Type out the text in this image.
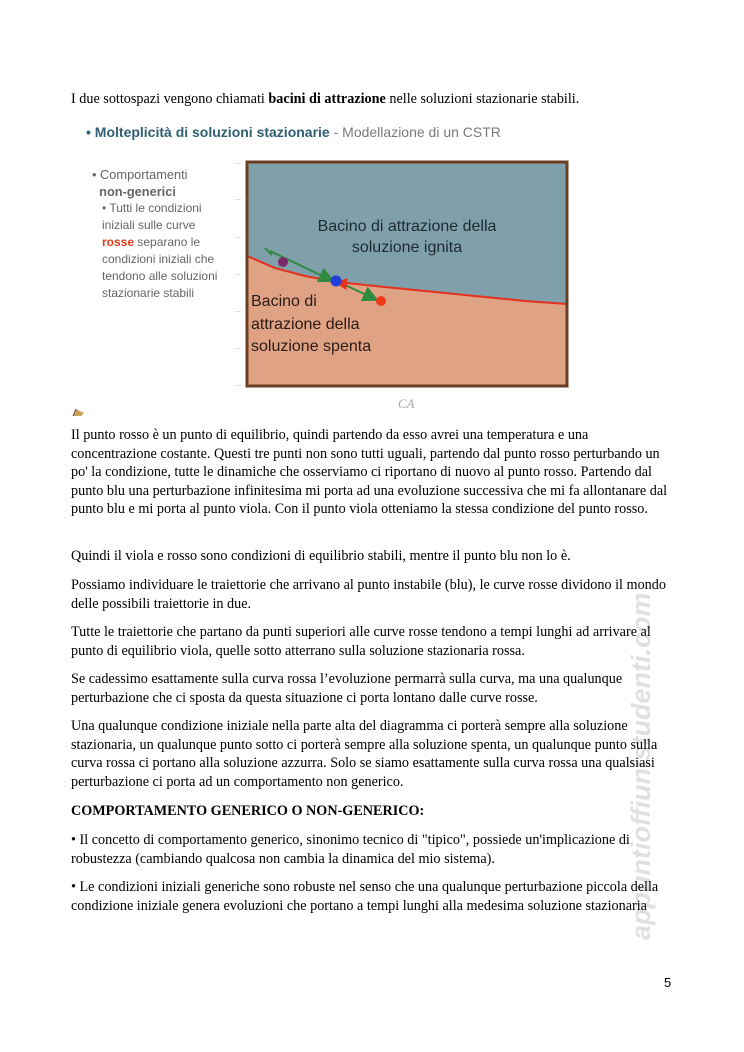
I due sottospazi vengono chiamati bacini di attrazione nelle soluzioni stazionarie stabili.

• Molteplicità di soluzioni stazionarie - Modellazione di un CSTR
• Comportamenti
non-generici
• Tutti le condizioni iniziali sulle curve rosse separano le condizioni iniziali che tendono alle soluzioni stazionarie stabili
—
—
—
—
—
—
—
CA
Bacino di attrazione della
soluzione ignita
Bacino di
attrazione della
soluzione spenta

Il punto rosso è un punto di equilibrio, quindi partendo da esso avrei una temperatura e una concentrazione costante. Questi tre punti non sono tutti uguali, partendo dal punto rosso perturbando un po' la condizione, tutte le dinamiche che osserviamo ci riportano di nuovo al punto rosso. Partendo dal punto blu una perturbazione infinitesima mi porta ad una evoluzione successiva che mi fa allontanare dal punto blu e mi porta al punto viola. Con il punto viola otteniamo la stessa condizione del punto rosso.

Quindi il viola e rosso sono condizioni di equilibrio stabili, mentre il punto blu non lo è.

Possiamo individuare le traiettorie che arrivano al punto instabile (blu), le curve rosse dividono il mondo delle possibili traiettorie in due.

Tutte le traiettorie che partano da punti superiori alle curve rosse tendono a tempi lunghi ad arrivare al punto di equilibrio viola, quelle sotto atterrano sulla soluzione stazionaria rossa.

Se cadessimo esattamente sulla curva rossa l’evoluzione permarrà sulla curva, ma una qualunque perturbazione che ci sposta da questa situazione ci porta lontano dalle curve rosse.

Una qualunque condizione iniziale nella parte alta del diagramma ci porterà sempre alla soluzione stazionaria, un qualunque punto sotto ci porterà sempre alla soluzione spenta, un qualunque punto sulla curva rossa ci portano alla soluzione azzurra. Solo se siamo esattamente sulla curva rossa una qualsiasi perturbazione ci porta ad un comportamento non generico.

COMPORTAMENTO GENERICO O NON-GENERICO:

• Il concetto di comportamento generico, sinonimo tecnico di "tipico", possiede un'implicazione di robustezza (cambiando qualcosa non cambia la dinamica del mio sistema).

• Le condizioni iniziali generiche sono robuste nel senso che una qualunque perturbazione piccola della condizione iniziale genera evoluzioni che portano a tempi lunghi alla medesima soluzione stazionaria

appuntioffiunistudenti.com
5
